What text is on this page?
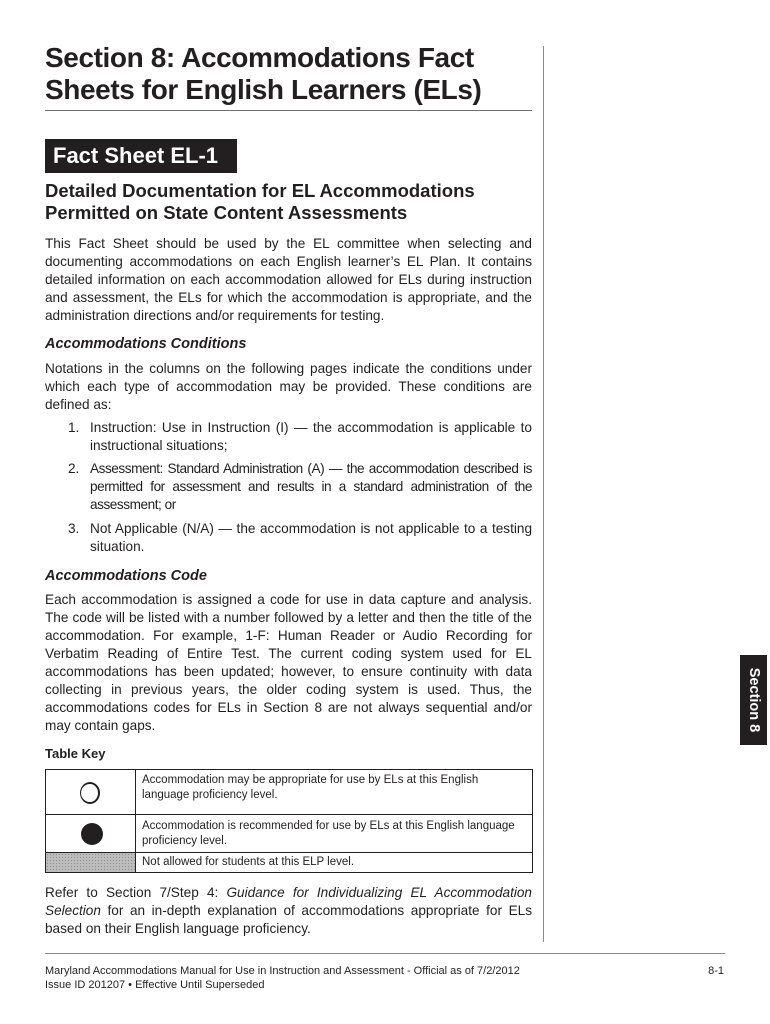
Section 8: Accommodations Fact
Sheets for English Learners (ELs)
Fact Sheet EL-1
Detailed Documentation for EL Accommodations
Permitted on State Content Assessments

This Fact Sheet should be used by the EL committee when selecting and documenting accommodations on each English learner’s EL Plan. It contains detailed information on each accommodation allowed for ELs during instruction and assessment, the ELs for which the accommodation is appropriate, and the administration directions and/or requirements for testing.

Accommodations Conditions

Notations in the columns on the following pages indicate the conditions under which each type of accommodation may be provided. These conditions are defined as:

1. Instruction: Use in Instruction (I) — the accommodation is applicable to instructional situations;
2. Assessment: Standard Administration (A) — the accommodation described is permitted for assessment and results in a standard administration of the assessment; or
3. Not Applicable (N/A) — the accommodation is not applicable to a testing situation.
Accommodations Code

Each accommodation is assigned a code for use in data capture and analysis. The code will be listed with a number followed by a letter and then the title of the accommodation. For example, 1-F: Human Reader or Audio Recording for Verbatim Reading of Entire Test. The current coding system used for EL accommodations has been updated; however, to ensure continuity with data collecting in previous years, the older coding system is used. Thus, the accommodations codes for ELs in Section 8 are not always sequential and/or may contain gaps.

Table Key
Accommodation may be appropriate for use by ELs at this English language proficiency level.
Accommodation is recommended for use by ELs at this English language proficiency level.
Not allowed for students at this ELP level.

Refer to Section 7/Step 4: Guidance for Individualizing EL Accommodation Selection for an in-depth explanation of accommodations appropriate for ELs based on their English language proficiency.

Section 8
Maryland Accommodations Manual for Use in Instruction and Assessment - Official as of 7/2/2012
Issue ID 201207 • Effective Until Superseded
8-1
